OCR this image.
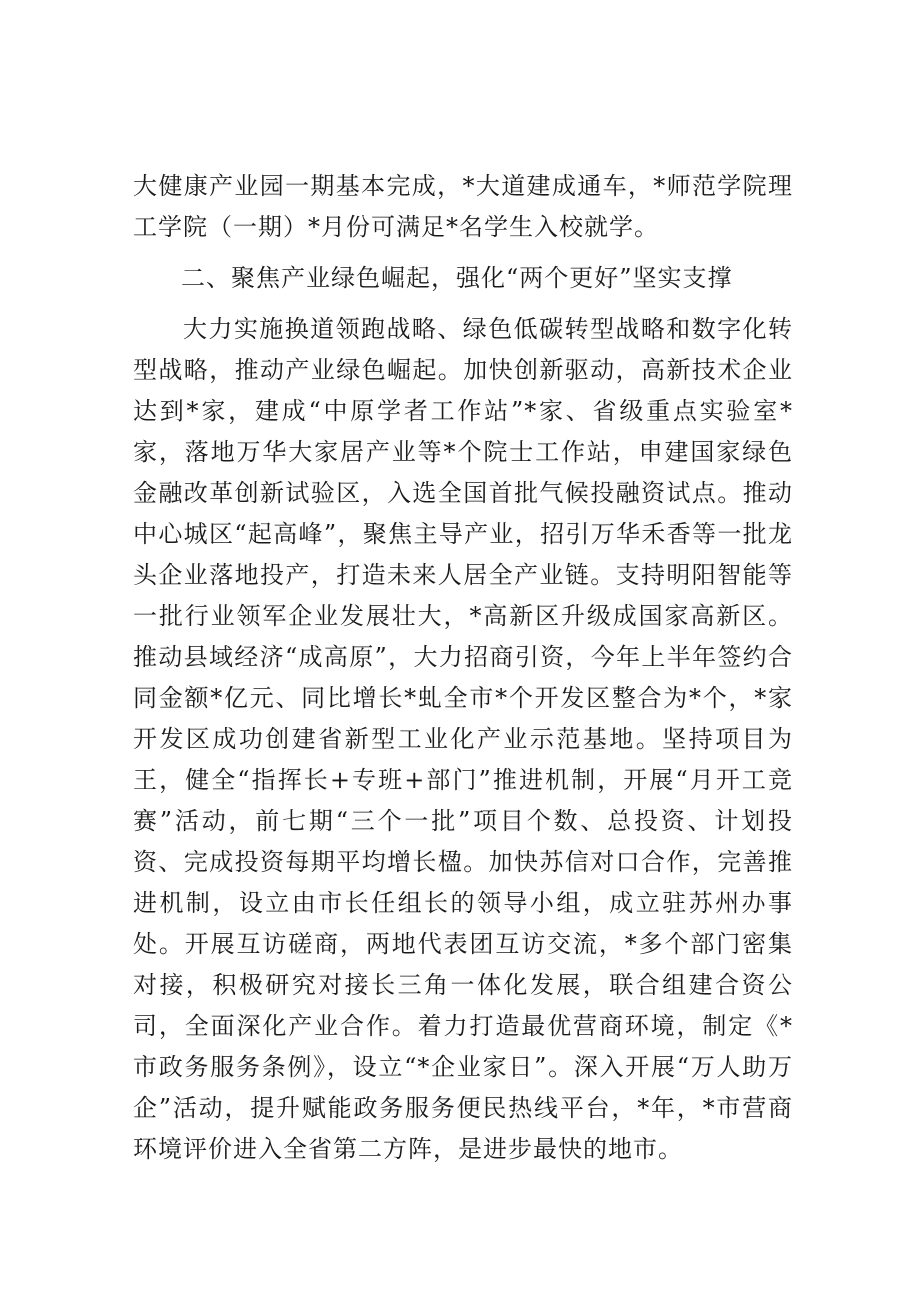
大健康产业园一期基本完成，*大道建成通车，*师范学院理工学院（一期）*月份可满足*名学生入校就学。

二、聚焦产业绿色崛起，强化“两个更好”坚实支撑

大力实施换道领跑战略、绿色低碳转型战略和数字化转型战略，推动产业绿色崛起。加快创新驱动，高新技术企业达到*家，建成“中原学者工作站”*家、省级重点实验室*家，落地万华大家居产业等*个院士工作站，申建国家绿色金融改革创新试验区，入选全国首批气候投融资试点。推动中心城区“起高峰”，聚焦主导产业，招引万华禾香等一批龙头企业落地投产，打造未来人居全产业链。支持明阳智能等一批行业领军企业发展壮大，*高新区升级成国家高新区。推动县域经济“成高原”，大力招商引资，今年上半年签约合同金额*亿元、同比增长*虬全市*个开发区整合为*个，*家开发区成功创建省新型工业化产业示范基地。坚持项目为王，健全“指挥长+专班+部门”推进机制，开展“月开工竞赛”活动，前七期“三个一批”项目个数、总投资、计划投资、完成投资每期平均增长楹。加快苏信对口合作，完善推进机制，设立由市长任组长的领导小组，成立驻苏州办事处。开展互访磋商，两地代表团互访交流，*多个部门密集对接，积极研究对接长三角一体化发展，联合组建合资公司，全面深化产业合作。着力打造最优营商环境，制定《*市政务服务条例》，设立“*企业家日”。深入开展“万人助万企”活动，提升赋能政务服务便民热线平台，*年，*市营商环境评价进入全省第二方阵，是进步最快的地市。
